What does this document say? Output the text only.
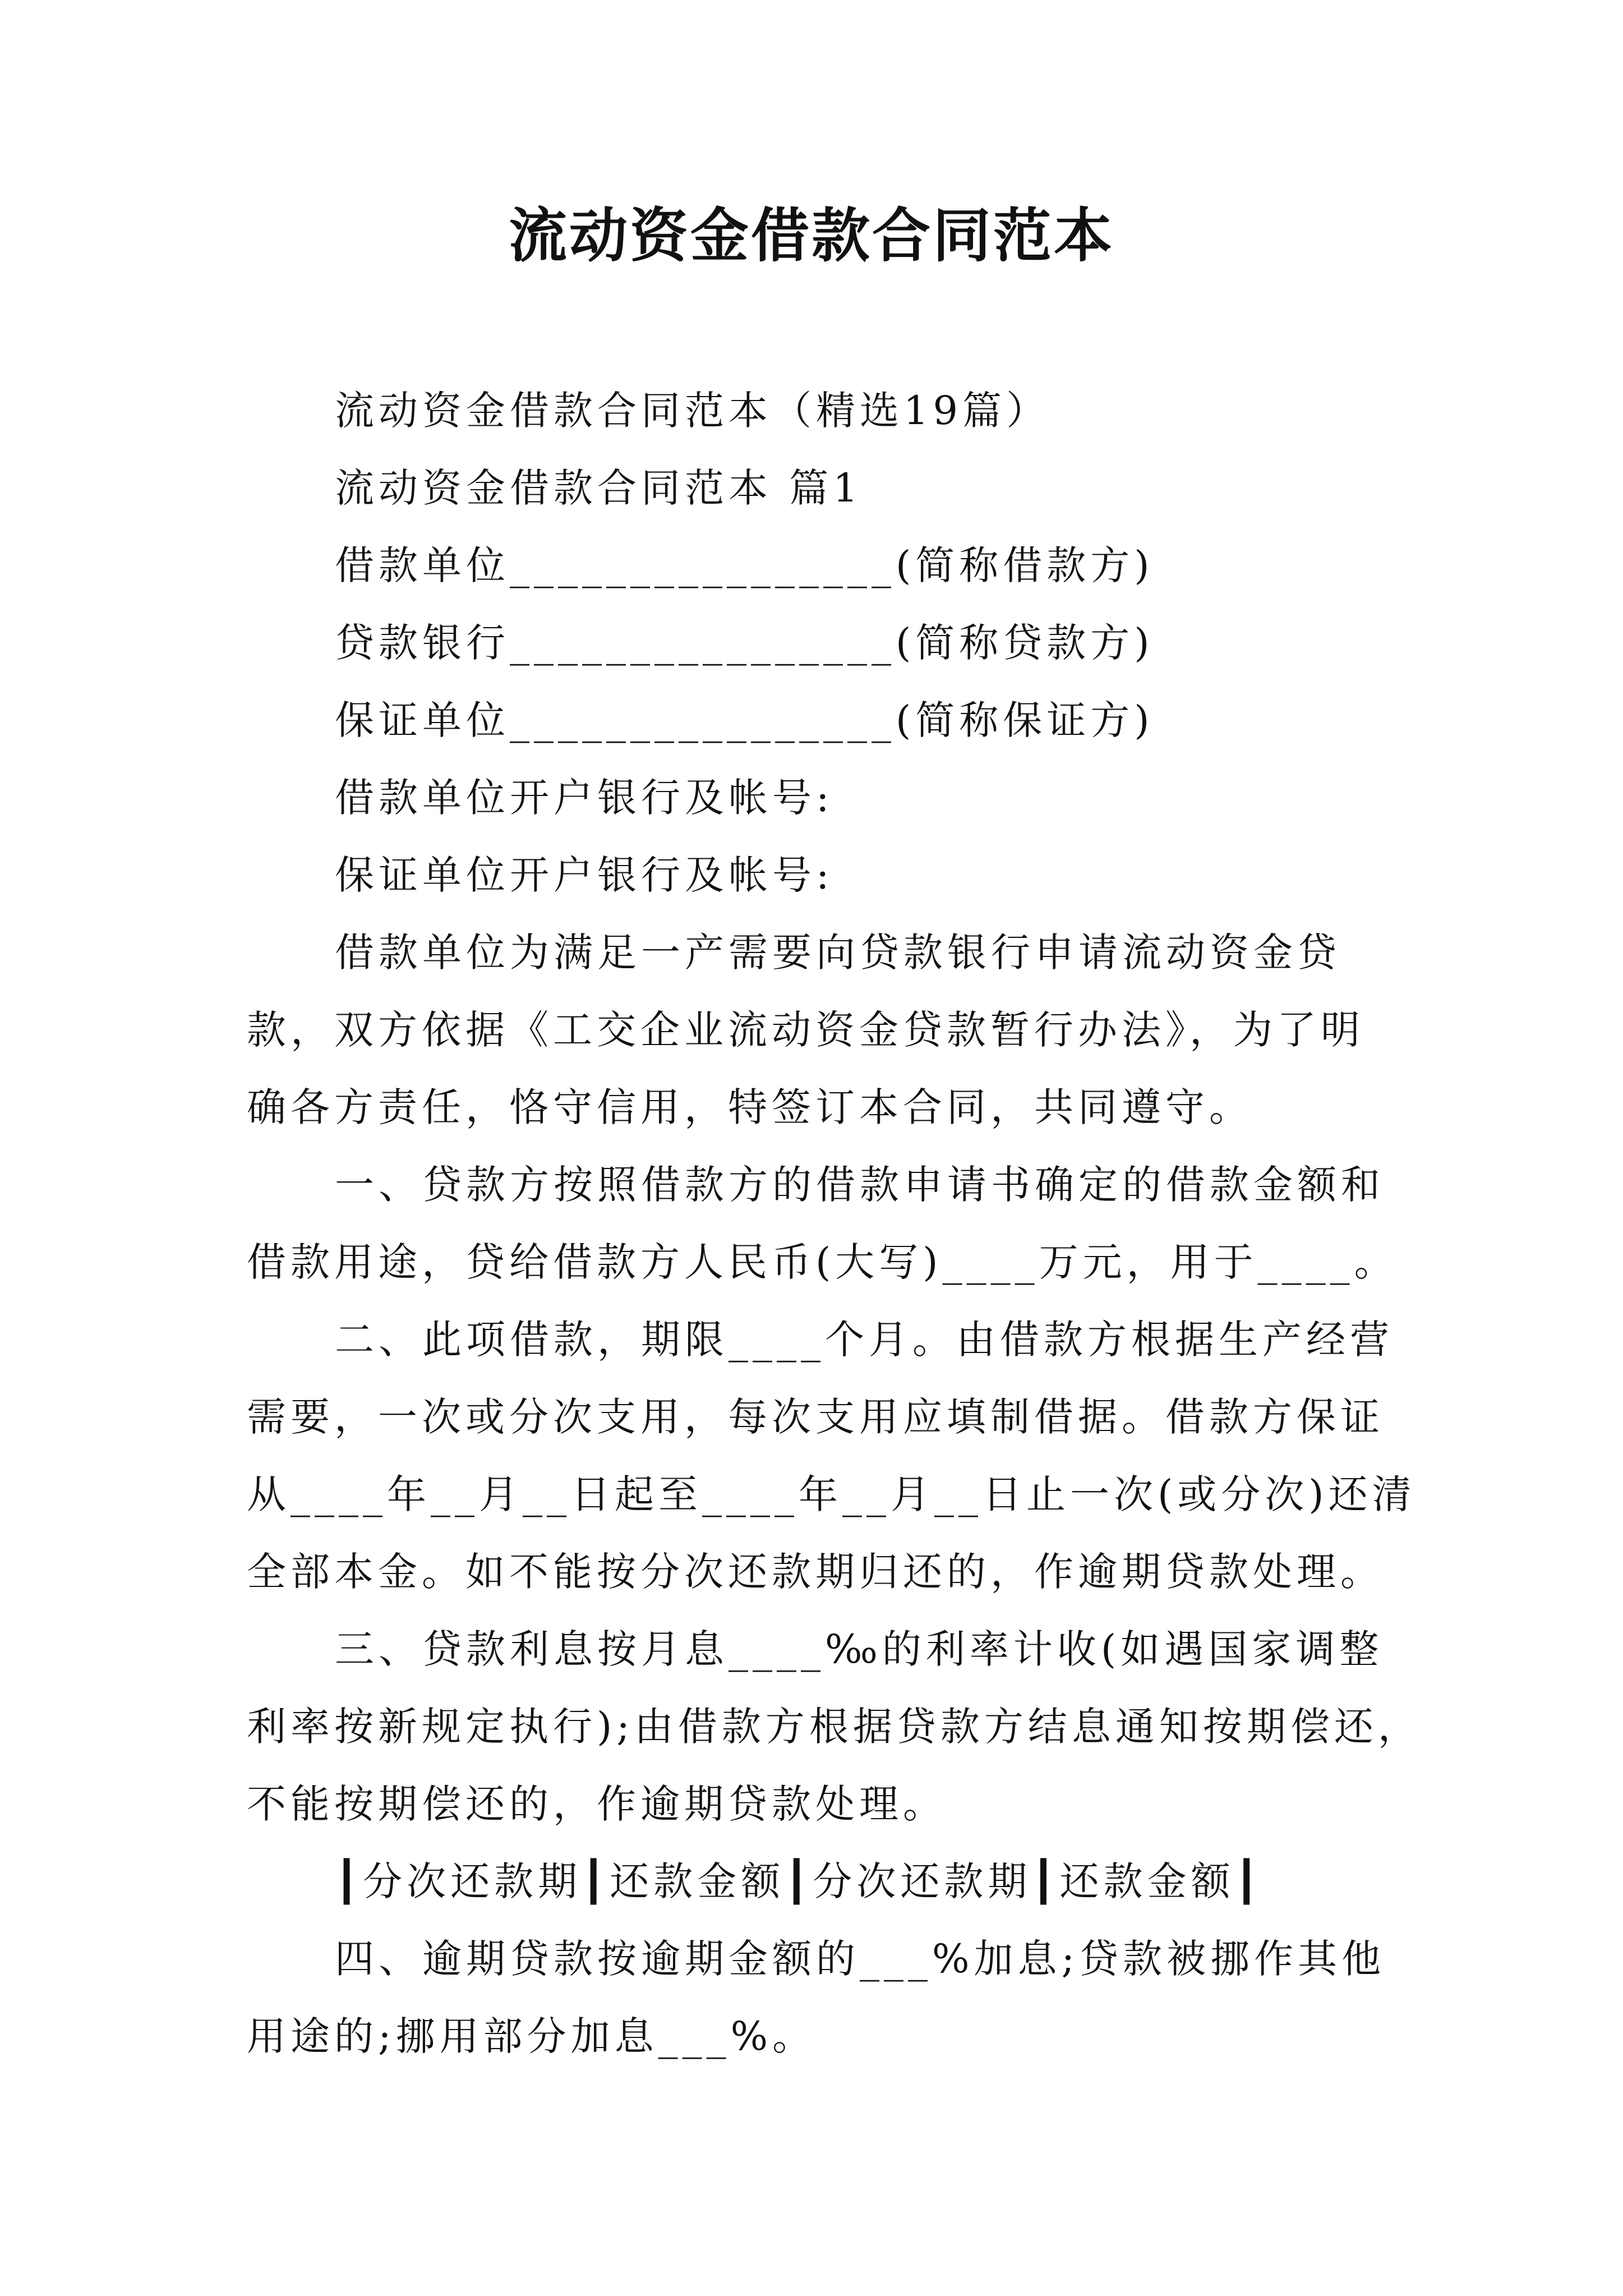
流动资金借款合同范本
流动资金借款合同范本（精选19篇）
流动资金借款合同范本 篇1
借款单位________________(简称借款方)
贷款银行________________(简称贷款方)
保证单位________________(简称保证方)
借款单位开户银行及帐号:
保证单位开户银行及帐号:
借款单位为满足一产需要向贷款银行申请流动资金贷
款，双方依据《工交企业流动资金贷款暂行办法》，为了明
确各方责任，恪守信用，特签订本合同，共同遵守。
一、贷款方按照借款方的借款申请书确定的借款金额和
借款用途，贷给借款方人民币(大写)____万元，用于____。
二、此项借款，期限____个月。由借款方根据生产经营
需要，一次或分次支用，每次支用应填制借据。借款方保证
从____年__月__日起至____年__月__日止一次(或分次)还清
全部本金。如不能按分次还款期归还的，作逾期贷款处理。
三、贷款利息按月息____‰的利率计收(如遇国家调整
利率按新规定执行);由借款方根据贷款方结息通知按期偿还，
不能按期偿还的，作逾期贷款处理。
┃分次还款期┃还款金额┃分次还款期┃还款金额┃
四、逾期贷款按逾期金额的___%加息;贷款被挪作其他
用途的;挪用部分加息___%。
